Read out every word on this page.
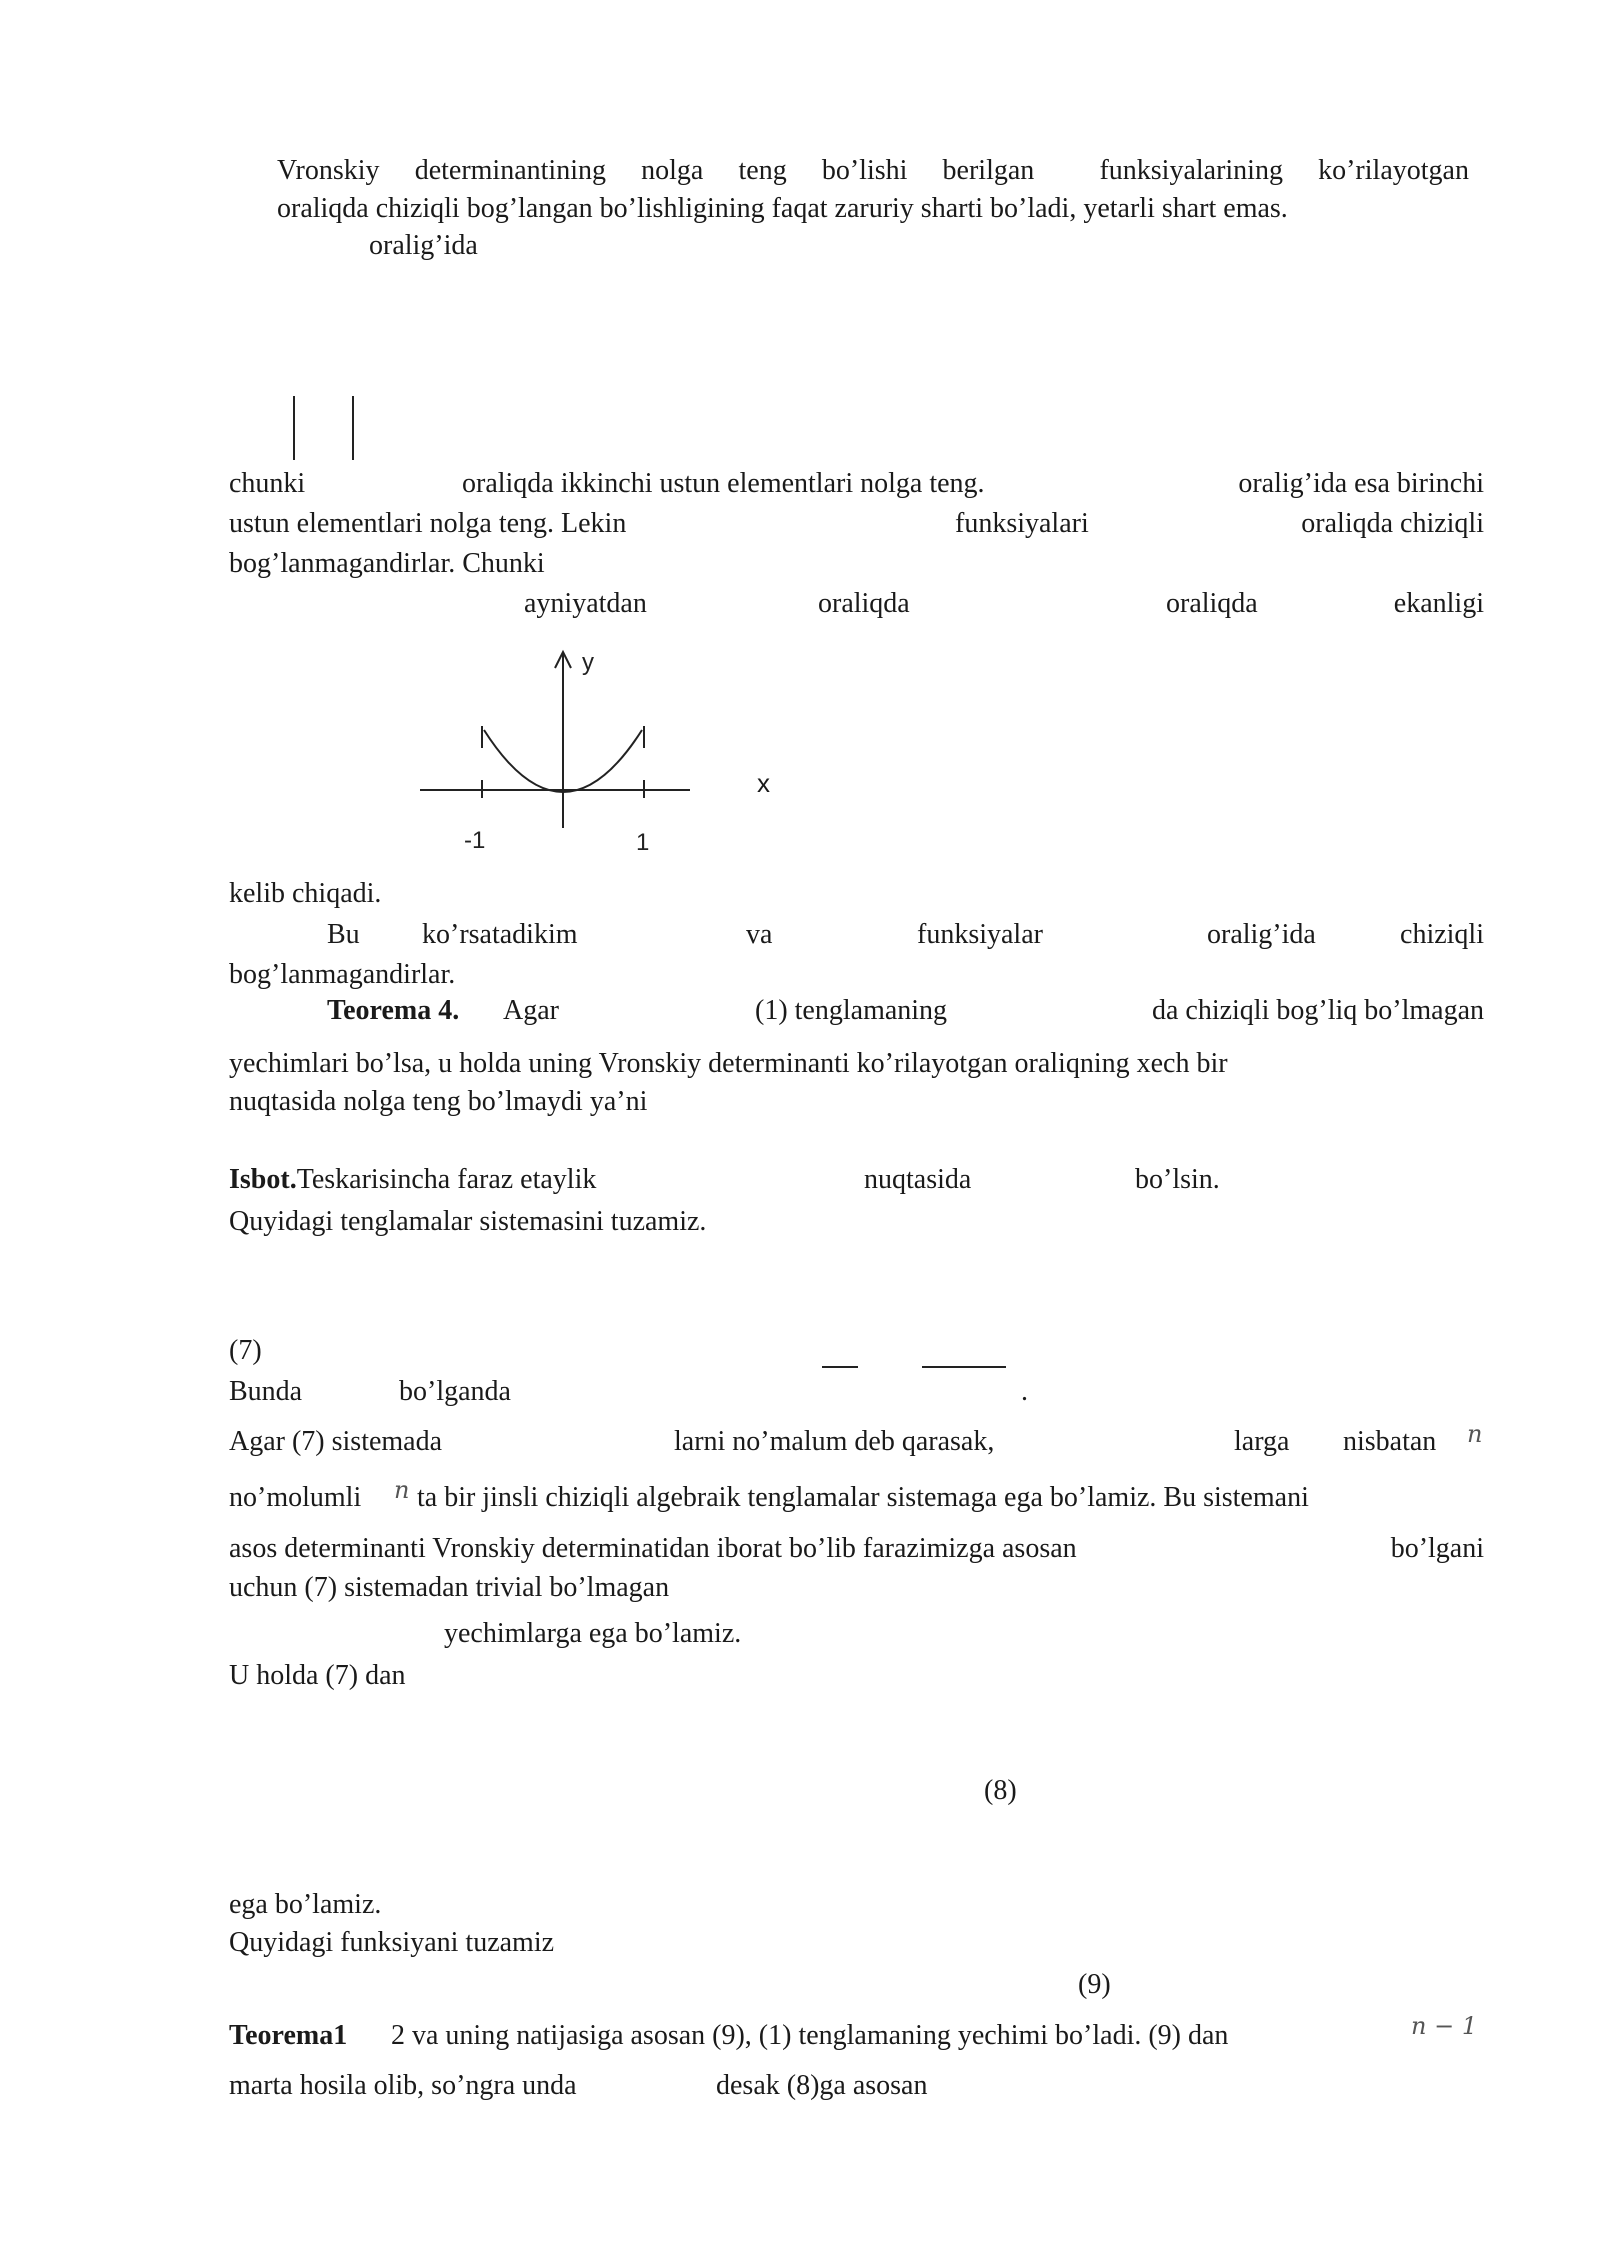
Vronskiy determinantining nolga teng bo’lishi berilgan funksiyalarining ko’rilayotgan
oraliqda chiziqli bog’langan bo’lishligining faqat zaruriy sharti bo’ladi, yetarli shart emas.
oralig’ida
chunki	oraliqda ikkinchi ustun elementlari nolga teng.	oralig’ida esa birinchi
ustun elementlari nolga teng. Lekin	funksiyalari	oraliqda chiziqli
bog’lanmagandirlar. Chunki
ayniyatdan	oraliqda	oraliqda	ekanligi
y
-1	1
x
kelib chiqadi.
Bu ko’rsatadikim	va	funksiyalar	oralig’ida	chiziqli
bog’lanmagandirlar.
Teorema 4. Agar	(1) tenglamaning	da chiziqli bog’liq bo’lmagan
yechimlari bo’lsa, u holda uning Vronskiy determinanti ko’rilayotgan oraliqning xech bir
nuqtasida nolga teng bo’lmaydi ya’ni
Isbot.Teskarisincha faraz etaylik	nuqtasida	bo’lsin.
Quyidagi tenglamalar sistemasini tuzamiz.
(7)
Bunda	bo’lganda	.
Agar (7) sistemada	larni no’malum deb qarasak,	larga nisbatan n
no’molumli n ta bir jinsli chiziqli algebraik tenglamalar sistemaga ega bo’lamiz. Bu sistemani
asos determinanti Vronskiy determinatidan iborat bo’lib farazimizga asosan	bo’lgani
uchun (7) sistemadan trivial bo’lmagan
yechimlarga ega bo’lamiz.
U holda (7) dan
(8)
ega bo’lamiz.
Quyidagi funksiyani tuzamiz
(9)
Teorema1 2 va uning natijasiga asosan (9), (1) tenglamaning yechimi bo’ladi. (9) dan	n − 1
marta hosila olib, so’ngra unda	desak (8)ga asosan
